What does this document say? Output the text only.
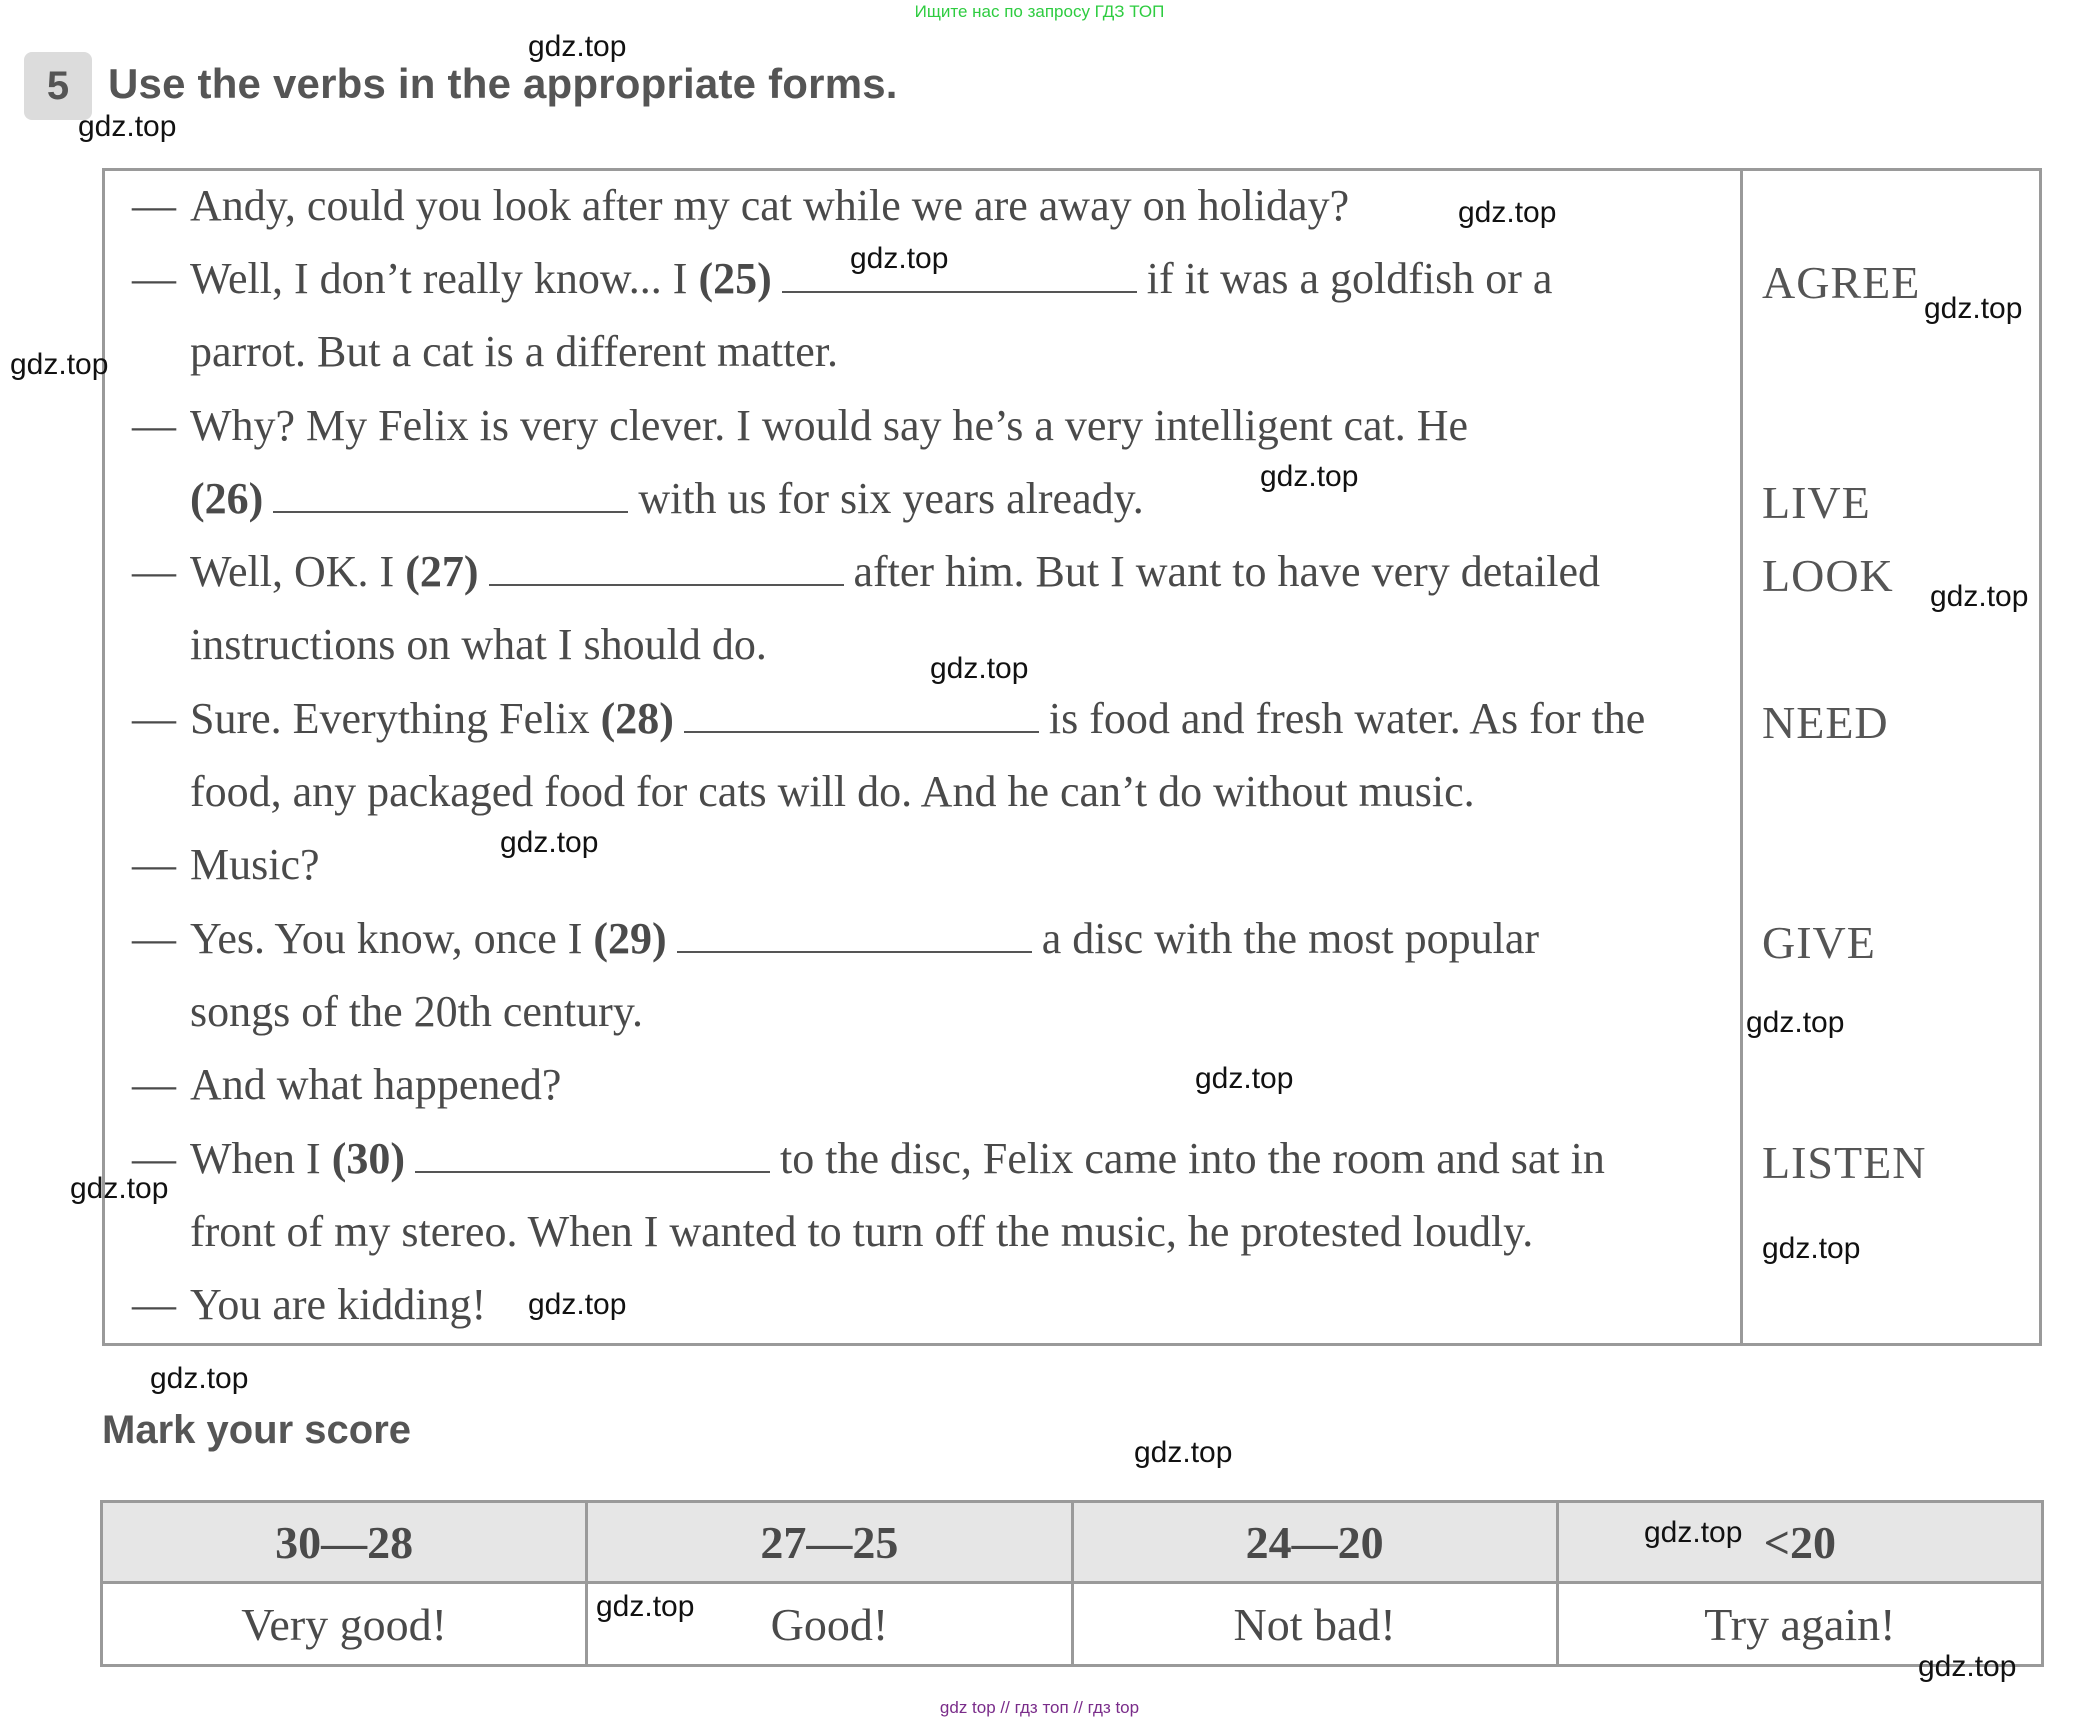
Ищите нас по запросу ГДЗ ТОП
5 Use the verbs in the appropriate forms.
— Andy, could you look after my cat while we are away on holiday?
— Well, I don’t really know... I (25)	if it was a goldfish or a
parrot. But a cat is a different matter.
— Why? My Felix is very clever. I would say he’s a very intelligent cat. He
(26)	with us for six years already.
— Well, OK. I (27)	after him. But I want to have very detailed
instructions on what I should do.
— Sure. Everything Felix (28)	is food and fresh water. As for the
food, any packaged food for cats will do. And he can’t do without music.
— Music?
— Yes. You know, once I (29)	a disc with the most popular
songs of the 20th century.
— And what happened?
— When I (30)	to the disc, Felix came into the room and sat in
front of my stereo. When I wanted to turn off the music, he protested loudly.
— You are kidding!
AGREE
LIVE
LOOK
NEED
GIVE
LISTEN
Mark your score
30—28	27—25	24—20	<20
Very good!	Good!	Not bad!	Try again!
gdz.top
gdz.top
gdz.top
gdz.top
gdz.top
gdz.top
gdz.top
gdz.top
gdz.top
gdz.top
gdz.top
gdz.top
gdz.top
gdz.top
gdz.top
gdz.top
gdz.top
gdz.top
gdz.top
gdz.top
gdz top // гдз топ // гдз top
